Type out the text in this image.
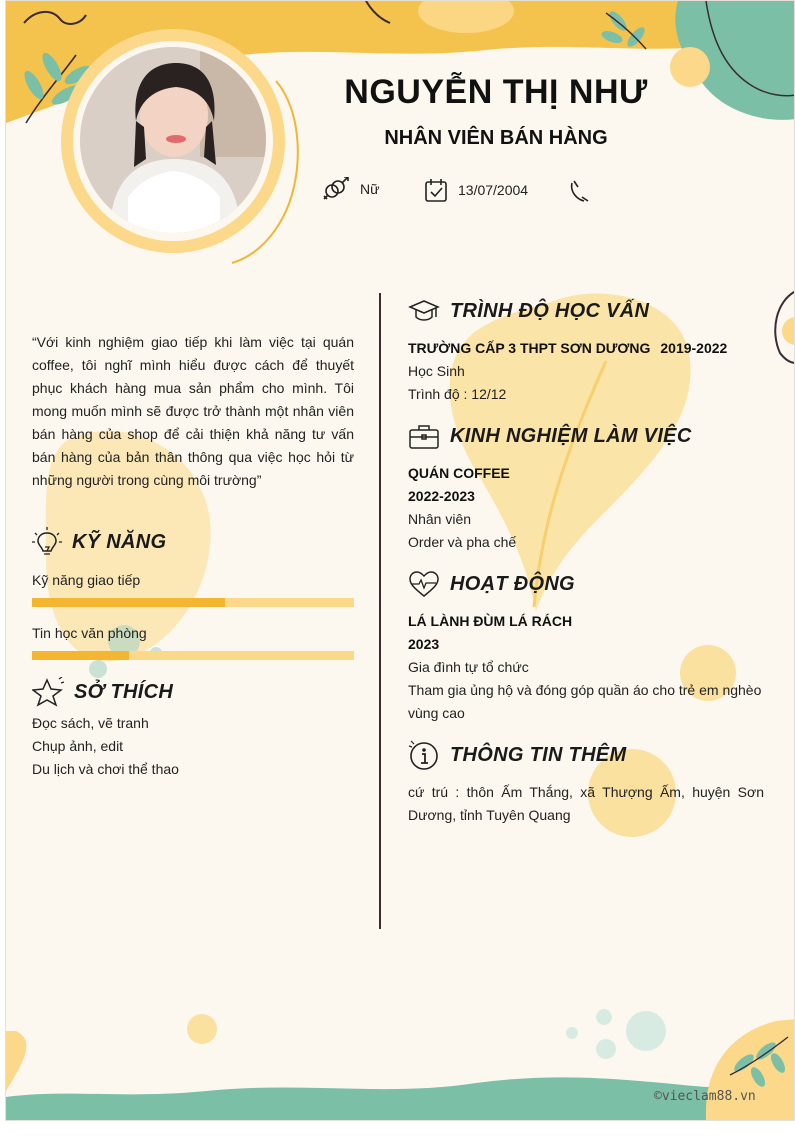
NGUYỄN THỊ NHƯ
NHÂN VIÊN BÁN HÀNG
Nữ	13/07/2004

“Với kinh nghiệm giao tiếp khi làm việc tại quán coffee, tôi nghĩ mình hiểu được cách để thuyết phục khách hàng mua sản phẩm cho mình. Tôi mong muốn mình sẽ được trở thành một nhân viên bán hàng của shop để cải thiện khả năng tư vấn bán hàng của bản thân thông qua việc học hỏi từ những người trong cùng môi trường”

KỸ NĂNG

Kỹ năng giao tiếp

Tin học văn phòng

SỞ THÍCH

Đọc sách, vẽ tranh

Chụp ảnh, edit

Du lịch và chơi thể thao

TRÌNH ĐỘ HỌC VẤN
TRƯỜNG CẤP 3 THPT SƠN DƯƠNG 2019-2022

Học Sinh

Trình độ : 12/12

KINH NGHIỆM LÀM VIỆC

QUÁN COFFEE

2022-2023

Nhân viên

Order và pha chế

HOẠT ĐỘNG

LÁ LÀNH ĐÙM LÁ RÁCH

2023

Gia đình tự tổ chức

Tham gia ủng hộ và đóng góp quần áo cho trẻ em nghèo vùng cao

THÔNG TIN THÊM

cứ trú : thôn Ấm Thắng, xã Thượng Ấm, huyện Sơn Dương, tỉnh Tuyên Quang

©vieclam88.vn
